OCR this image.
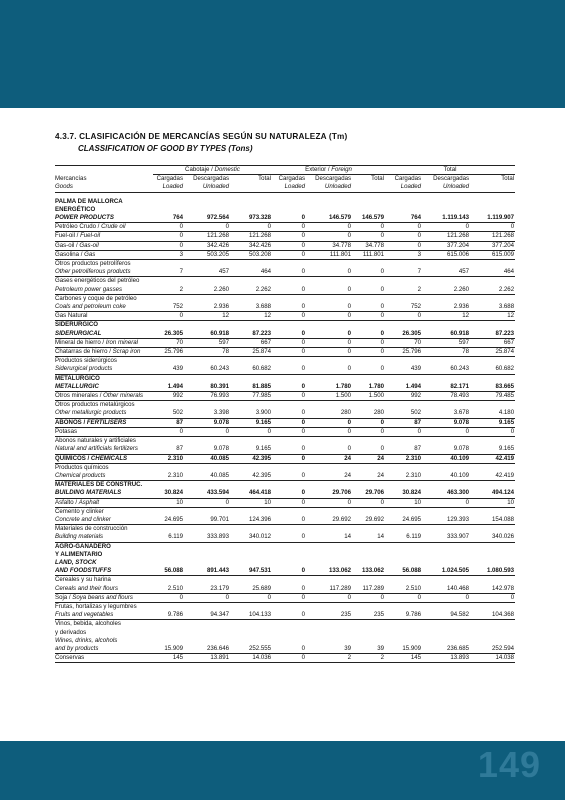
4.3.7. CLASIFICACIÓN DE MERCANCÍAS SEGÚN SU NATURALEZA (Tm)
CLASSIFICATION OF GOOD BY TYPES (Tons)
	Cabotaje / Domestic			Exterior / Foreign			Total		
Mercancías	Cargadas	Descargadas	Total	Cargadas	Descargadas	Total	Cargadas	Descargadas	Total
Goods	Loaded	Unloaded		Loaded	Unloaded		Loaded	Unloaded	

PALMA DE MALLORCA									
ENERGÉTICO									
POWER PRODUCTS	764	972.564	973.328	0	146.579	146.579	764	1.119.143	1.119.907
Petróleo Crudo / Crude oil	0	0	0	0	0	0	0	0	0
Fuel-oil / Fuel-oil	0	121.268	121.268	0	0	0	0	121.268	121.268
Gas-oil / Gas-oil	0	342.426	342.426	0	34.778	34.778	0	377.204	377.204
Gasolina / Gas	3	503.205	503.208	0	111.801	111.801	3	615.006	615.009
Otros productos petrolíferos									
Other petroliferous products	7	457	464	0	0	0	7	457	464
Gases energéticos del petróleo									
Petroleum power gasses	2	2.260	2.262	0	0	0	2	2.260	2.262
Carbones y coque de petróleo									
Coals and petroleum coke	752	2.936	3.688	0	0	0	752	2.936	3.688
Gas Natural	0	12	12	0	0	0	0	12	12
SIDERÚRGICO									
SIDERURGICAL	26.305	60.918	87.223	0	0	0	26.305	60.918	87.223
Mineral de hierro / Iron mineral	70	597	667	0	0	0	70	597	667
Chatarras de hierro / Scrap iron	25.796	78	25.874	0	0	0	25.796	78	25.874
Productos siderúrgicos									
Siderurgical products	439	60.243	60.682	0	0	0	439	60.243	60.682
METALÚRGICO									
METALLURGIC	1.494	80.391	81.885	0	1.780	1.780	1.494	82.171	83.665
Otros minerales / Other minerals	992	76.993	77.985	0	1.500	1.500	992	78.493	79.485
Otros productos metalúrgicos									
Other metallurgic products	502	3.398	3.900	0	280	280	502	3.678	4.180
ABONOS / FERTILISERS	87	9.078	9.165	0	0	0	87	9.078	9.165
Potasas	0	0	0	0	0	0	0	0	0
Abonos naturales y artificiales									
Natural and artificials fertilizers	87	9.078	9.165	0	0	0	87	9.078	9.165
QUÍMICOS / CHEMICALS	2.310	40.085	42.395	0	24	24	2.310	40.109	42.419
Productos químicos									
Chemical products	2.310	40.085	42.395	0	24	24	2.310	40.109	42.419
MATERIALES DE CONSTRUC.									
BUILDING MATERIALS	30.824	433.594	464.418	0	29.706	29.706	30.824	463.300	494.124
Asfalto / Asphalt	10	0	10	0	0	0	10	0	10
Cemento y clinker									
Concrete and clinker	24.695	99.701	124.396	0	29.692	29.692	24.695	129.393	154.088
Materiales de construcción									
Building materials	6.119	333.893	340.012	0	14	14	6.119	333.907	340.026
AGRO-GANADERO									
Y ALIMENTARIO									
LAND, STOCK									
AND FOODSTUFFS	56.088	891.443	947.531	0	133.062	133.062	56.088	1.024.505	1.080.593
Cereales y su harina									
Cereals and their flours	2.510	23.179	25.689	0	117.289	117.289	2.510	140.468	142.978
Soja / Soya beans and flours	0	0	0	0	0	0	0	0	0
Frutas, hortalizas y legumbres									
Fruits and vegetables	9.786	94.347	104.133	0	235	235	9.786	94.582	104.368
Vinos, bebida, alcoholes									
y derivados									
Wines, drinks, alcohols									
and by products	15.909	236.646	252.555	0	39	39	15.909	236.685	252.594
Conservas	145	13.891	14.036	0	2	2	145	13.893	14.038
149
